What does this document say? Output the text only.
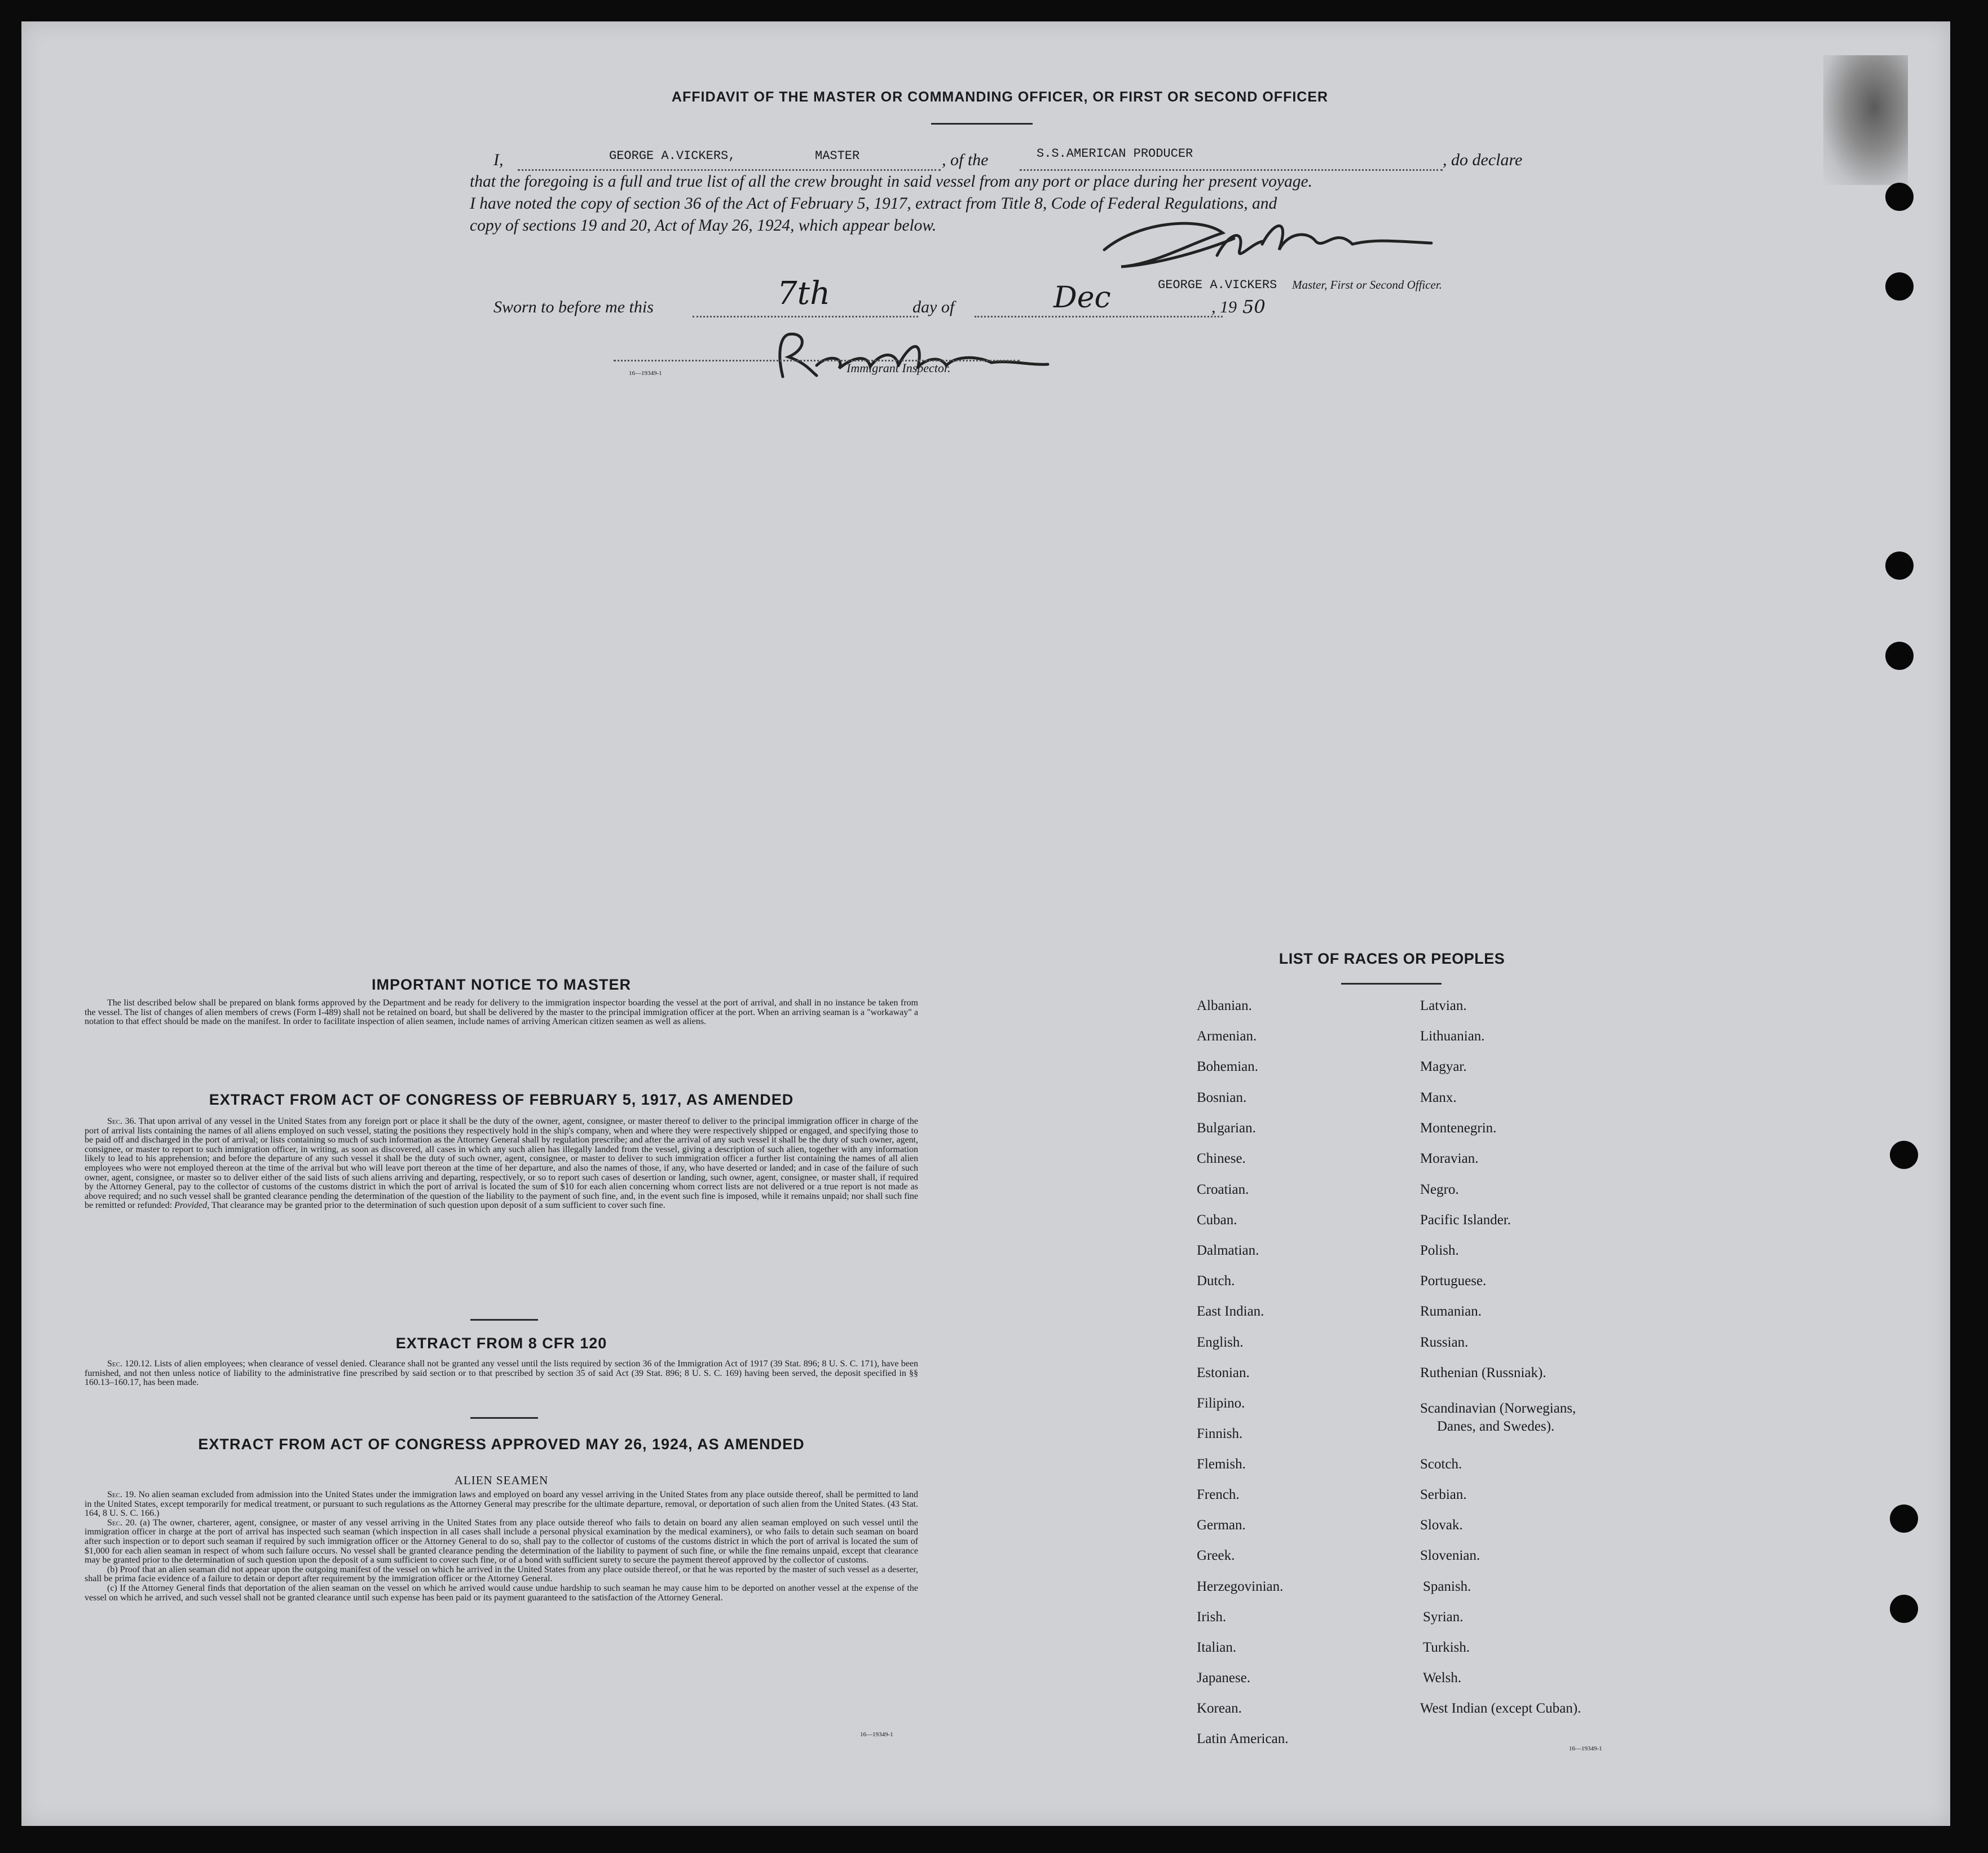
AFFIDAVIT OF THE MASTER OR COMMANDING OFFICER, OR FIRST OR SECOND OFFICER
I,	GEORGE A.VICKERS,	MASTER	, of the	S.S.AMERICAN PRODUCER	, do declare
that the foregoing is a full and true list of all the crew brought in said vessel from any port or place during her present voyage.
I have noted the copy of section 36 of the Act of February 5, 1917, extract from Title 8, Code of Federal Regulations, and
copy of sections 19 and 20, Act of May 26, 1924, which appear below.
GEORGE A.VICKERS Master, First or Second Officer.
Sworn to before me this	7th	day of	Dec	, 19 50
16—19349-1	Immigrant Inspector.
IMPORTANT NOTICE TO MASTER
The list described below shall be prepared on blank forms approved by the Department and be ready for delivery to the immigration inspector boarding the vessel at the port of arrival, and shall in no instance be taken from the vessel. The list of changes of alien members of crews (Form I-489) shall not be retained on board, but shall be delivered by the master to the principal immigration officer at the port. When an arriving seaman is a "workaway" a notation to that effect should be made on the manifest. In order to facilitate inspection of alien seamen, include names of arriving American citizen seamen as well as aliens.
EXTRACT FROM ACT OF CONGRESS OF FEBRUARY 5, 1917, AS AMENDED
Sec. 36. That upon arrival of any vessel in the United States from any foreign port or place it shall be the duty of the owner, agent, consignee, or master thereof to deliver to the principal immigration officer in charge of the port of arrival lists containing the names of all aliens employed on such vessel, stating the positions they respectively hold in the ship's company, when and where they were respectively shipped or engaged, and specifying those to be paid off and discharged in the port of arrival; or lists containing so much of such information as the Attorney General shall by regulation prescribe; and after the arrival of any such vessel it shall be the duty of such owner, agent, consignee, or master to report to such immigration officer, in writing, as soon as discovered, all cases in which any such alien has illegally landed from the vessel, giving a description of such alien, together with any information likely to lead to his apprehension; and before the departure of any such vessel it shall be the duty of such owner, agent, consignee, or master to deliver to such immigration officer a further list containing the names of all alien employees who were not employed thereon at the time of the arrival but who will leave port thereon at the time of her departure, and also the names of those, if any, who have deserted or landed; and in case of the failure of such owner, agent, consignee, or master so to deliver either of the said lists of such aliens arriving and departing, respectively, or so to report such cases of desertion or landing, such owner, agent, consignee, or master shall, if required by the Attorney General, pay to the collector of customs of the customs district in which the port of arrival is located the sum of $10 for each alien concerning whom correct lists are not delivered or a true report is not made as above required; and no such vessel shall be granted clearance pending the determination of the question of the liability to the payment of such fine, and, in the event such fine is imposed, while it remains unpaid; nor shall such fine be remitted or refunded: Provided, That clearance may be granted prior to the determination of such question upon deposit of a sum sufficient to cover such fine.
EXTRACT FROM 8 CFR 120
Sec. 120.12. Lists of alien employees; when clearance of vessel denied. Clearance shall not be granted any vessel until the lists required by section 36 of the Immigration Act of 1917 (39 Stat. 896; 8 U. S. C. 171), have been furnished, and not then unless notice of liability to the administrative fine prescribed by said section or to that prescribed by section 35 of said Act (39 Stat. 896; 8 U. S. C. 169) having been served, the deposit specified in §§ 160.13–160.17, has been made.
EXTRACT FROM ACT OF CONGRESS APPROVED MAY 26, 1924, AS AMENDED
ALIEN SEAMEN
Sec. 19. No alien seaman excluded from admission into the United States under the immigration laws and employed on board any vessel arriving in the United States from any place outside thereof, shall be permitted to land in the United States, except temporarily for medical treatment, or pursuant to such regulations as the Attorney General may prescribe for the ultimate departure, removal, or deportation of such alien from the United States. (43 Stat. 164, 8 U. S. C. 166.)
Sec. 20. (a) The owner, charterer, agent, consignee, or master of any vessel arriving in the United States from any place outside thereof who fails to detain on board any alien seaman employed on such vessel until the immigration officer in charge at the port of arrival has inspected such seaman (which inspection in all cases shall include a personal physical examination by the medical examiners), or who fails to detain such seaman on board after such inspection or to deport such seaman if required by such immigration officer or the Attorney General to do so, shall pay to the collector of customs of the customs district in which the port of arrival is located the sum of $1,000 for each alien seaman in respect of whom such failure occurs. No vessel shall be granted clearance pending the determination of the liability to payment of such fine, or while the fine remains unpaid, except that clearance may be granted prior to the determination of such question upon the deposit of a sum sufficient to cover such fine, or of a bond with sufficient surety to secure the payment thereof approved by the collector of customs.
(b) Proof that an alien seaman did not appear upon the outgoing manifest of the vessel on which he arrived in the United States from any place outside thereof, or that he was reported by the master of such vessel as a deserter, shall be prima facie evidence of a failure to detain or deport after requirement by the immigration officer or the Attorney General.
(c) If the Attorney General finds that deportation of the alien seaman on the vessel on which he arrived would cause undue hardship to such seaman he may cause him to be deported on another vessel at the expense of the vessel on which he arrived, and such vessel shall not be granted clearance until such expense has been paid or its payment guaranteed to the satisfaction of the Attorney General.
16—19349-1
LIST OF RACES OR PEOPLES
Albanian.
Armenian.
Bohemian.
Bosnian.
Bulgarian.
Chinese.
Croatian.
Cuban.
Dalmatian.
Dutch.
East Indian.
English.
Estonian.
Filipino.
Finnish.
Flemish.
French.
German.
Greek.
Herzegovinian.
Irish.
Italian.
Japanese.
Korean.
Latin American.
Latvian.
Lithuanian.
Magyar.
Manx.
Montenegrin.
Moravian.
Negro.
Pacific Islander.
Polish.
Portuguese.
Rumanian.
Russian.
Ruthenian (Russniak).
Scandinavian (Norwegians,
Danes, and Swedes).
Scotch.
Serbian.
Slovak.
Slovenian.
Spanish.
Syrian.
Turkish.
Welsh.
West Indian (except Cuban).
16—19349-1
